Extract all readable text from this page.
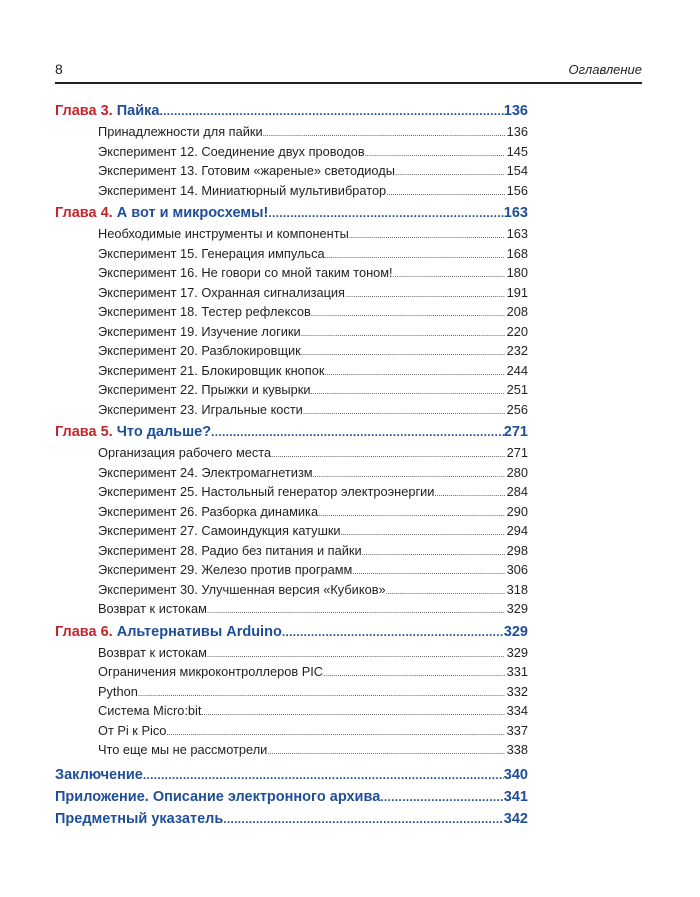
8	Оглавление
Глава 3. Пайка .....	136
Принадлежности для пайки .....	136
Эксперимент 12. Соединение двух проводов .....	145
Эксперимент 13. Готовим «жареные» светодиоды .....	154
Эксперимент 14. Миниатюрный мультивибратор .....	156
Глава 4. А вот и микросхемы! .....	163
Необходимые инструменты и компоненты .....	163
Эксперимент 15. Генерация импульса .....	168
Эксперимент 16. Не говори со мной таким тоном! .....	180
Эксперимент 17. Охранная сигнализация .....	191
Эксперимент 18. Тестер рефлексов .....	208
Эксперимент 19. Изучение логики .....	220
Эксперимент 20. Разблокировщик .....	232
Эксперимент 21. Блокировщик кнопок .....	244
Эксперимент 22. Прыжки и кувырки .....	251
Эксперимент 23. Игральные кости .....	256
Глава 5. Что дальше? .....	271
Организация рабочего места .....	271
Эксперимент 24. Электромагнетизм .....	280
Эксперимент 25. Настольный генератор электроэнергии .....	284
Эксперимент 26. Разборка динамика .....	290
Эксперимент 27. Самоиндукция катушки .....	294
Эксперимент 28. Радио без питания и пайки .....	298
Эксперимент 29. Железо против программ .....	306
Эксперимент 30. Улучшенная версия «Кубиков» .....	318
Возврат к истокам .....	329
Глава 6. Альтернативы Arduino .....	329
Возврат к истокам .....	329
Ограничения микроконтроллеров PIC .....	331
Python .....	332
Система Micro:bit .....	334
От Pi к Pico .....	337
Что еще мы не рассмотрели .....	338
Заключение .....	340
Приложение. Описание электронного архива .....	341
Предметный указатель .....	342
